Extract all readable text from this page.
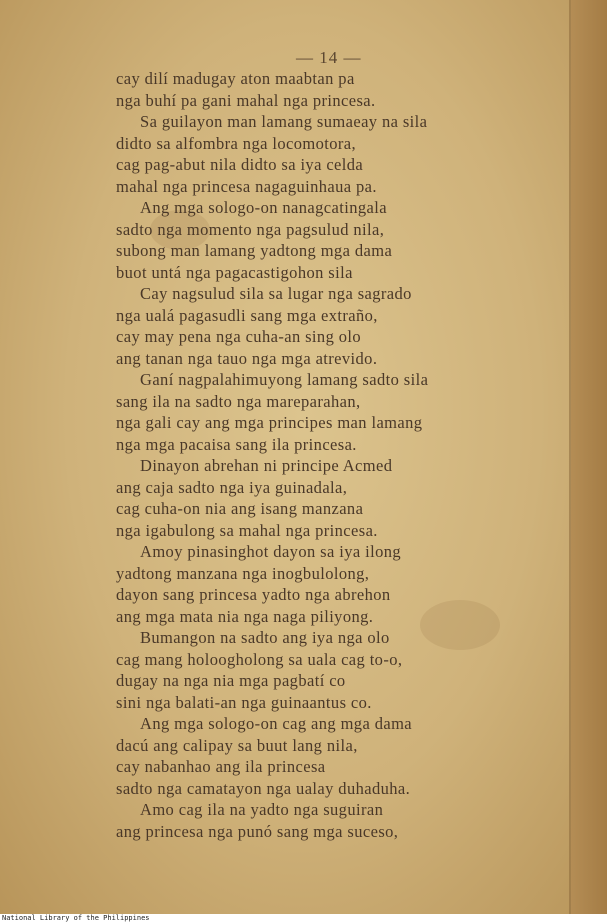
— 14 —
cay dilí madugay aton maabtan pa
nga buhí pa gani mahal nga princesa.
Sa guilayon man lamang sumaeay na sila
didto sa alfombra nga locomotora,
cag pag-abut nila didto sa iya celda
mahal nga princesa nagaguinhaua pa.
Ang mga sologo-on nanagcatingala
sadto nga momento nga pagsulud nila,
subong man lamang yadtong mga dama
buot untá nga pagacastigohon sila
Cay nagsulud sila sa lugar nga sagrado
nga ualá pagasudli sang mga extraño,
cay may pena nga cuha-an sing olo
ang tanan nga tauo nga mga atrevido.
Ganí nagpalahimuyong lamang sadto sila
sang ila na sadto nga mareparahan,
nga gali cay ang mga principes man lamang
nga mga pacaisa sang ila princesa.
Dinayon abrehan ni principe Acmed
ang caja sadto nga iya guinadala,
cag cuha-on nia ang isang manzana
nga igabulong sa mahal nga princesa.
Amoy pinasinghot dayon sa iya ilong
yadtong manzana nga inogbulolong,
dayon sang princesa yadto nga abrehon
ang mga mata nia nga naga piliyong.
Bumangon na sadto ang iya nga olo
cag mang holoogholong sa uala cag to-o,
dugay na nga nia mga pagbatí co
sini nga balati-an nga guinaantus co.
Ang mga sologo-on cag ang mga dama
dacú ang calipay sa buut lang nila,
cay nabanhao ang ila princesa
sadto nga camatayon nga ualay duhaduha.
Amo cag ila na yadto nga suguiran
ang princesa nga punó sang mga suceso,
National Library of the Philippines
